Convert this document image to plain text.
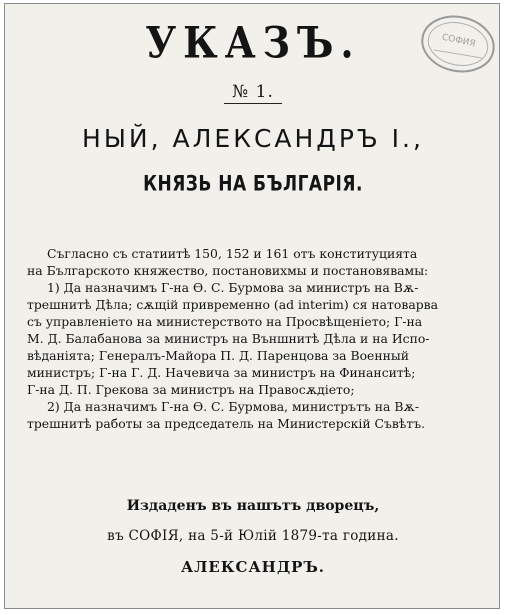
СОФИЯ
УКАЗЪ.
№ 1.
НЫЙ, АЛЕКСАНДРЪ I.,
КНЯЗЬ НА БЪЛГАРІЯ.
Съгласно съ статиитѣ 150, 152 и 161 отъ конституцията
на Българското княжество, постановихмы и постановявамы:
1) Да назначимъ Г-на Ѳ. С. Бурмова за министръ на Вѫ-
трешнитѣ Дѣла; сѫщій привременно (ad interim) ся натоварва
съ управленіето на министерството на Просвѣщеніето; Г-на
М. Д. Балабанова за министръ на Външнитѣ Дѣла и на Испо-
вѣданіята; Генералъ-Майора П. Д. Паренцова за Военный
министръ; Г-на Г. Д. Начевича за министръ на Финанситѣ;
Г-на Д. П. Грекова за министръ на Правосѫдіето;
2) Да назначимъ Г-на Ѳ. С. Бурмова, министрътъ на Вѫ-
трешнитѣ работы за председатель на Министерскій Съвѣтъ.
Издаденъ въ нашътъ дворецъ,
въ СОФІЯ, на 5-й Юлій 1879-та година.
АЛЕКСАНДРЪ.
